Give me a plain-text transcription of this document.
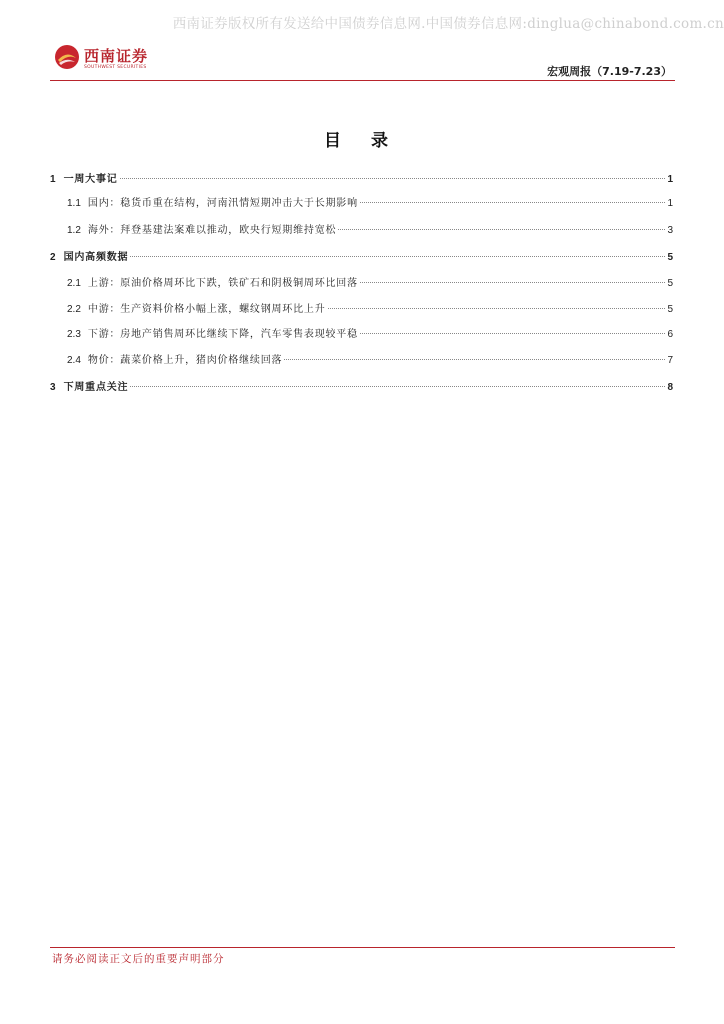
西南证券版权所有发送给中国债券信息网.中国债券信息网:dinglua@chinabond.com.cn
西南证券
SOUTHWEST SECURITIES	宏观周报（7.19-7.23）
目 录
1 一周大事记	1
1.1 国内：稳货币重在结构，河南汛情短期冲击大于长期影响	1
1.2 海外：拜登基建法案难以推动，欧央行短期维持宽松	3
2 国内高频数据	5
2.1 上游：原油价格周环比下跌，铁矿石和阴极铜周环比回落	5
2.2 中游：生产资料价格小幅上涨，螺纹钢周环比上升	5
2.3 下游：房地产销售周环比继续下降，汽车零售表现较平稳	6
2.4 物价：蔬菜价格上升，猪肉价格继续回落	7
3 下周重点关注	8
请务必阅读正文后的重要声明部分
